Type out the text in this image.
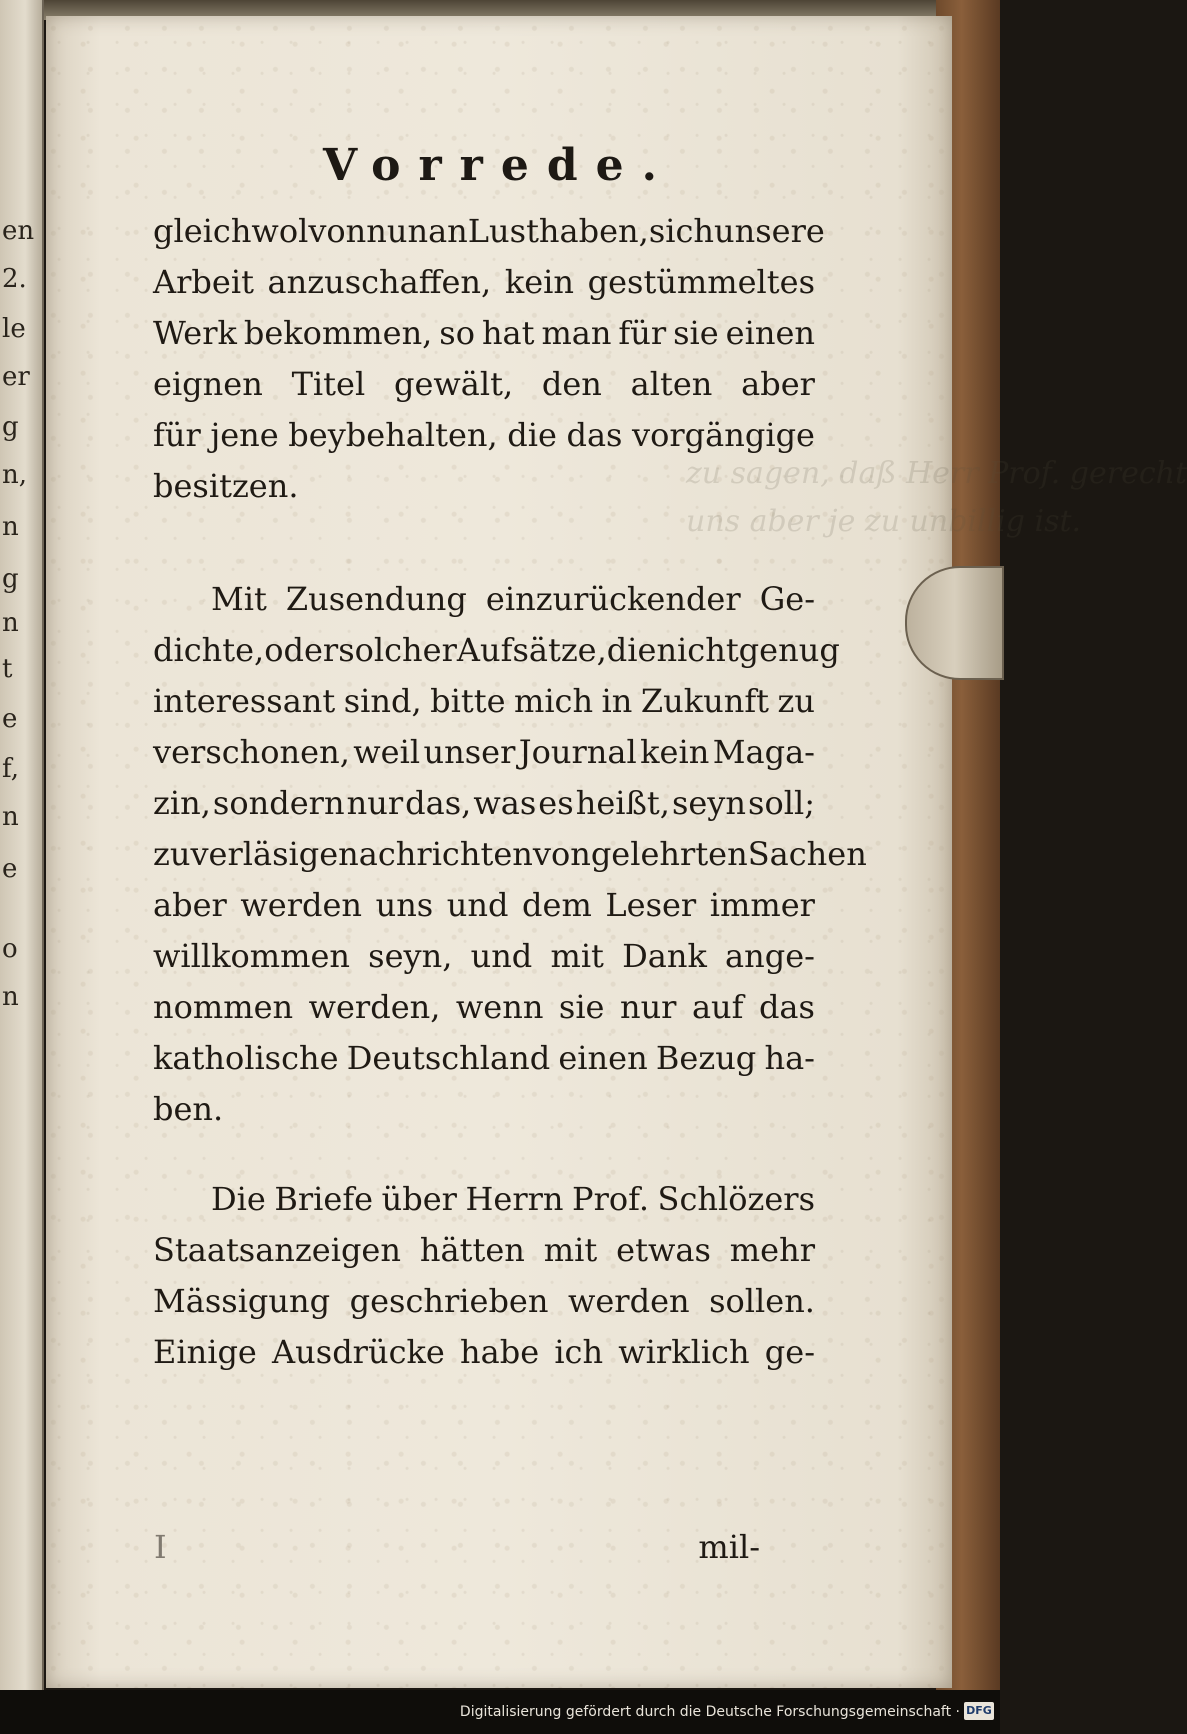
en
2.
le
er
g
n,
n
g
n
t
e
f,
n
e
o
n
zu sagen, daß Herr Prof. gerecht
uns aber je zu unbillig ist.
Vorrede.
gleichwol von nun an Lust haben, sich unsere
Arbeit anzuschaffen, kein gestümmeltes
Werk bekommen, so hat man für sie einen
eignen Titel gewält, den alten aber
für jene beybehalten, die das vorgängige
besitzen.
Mit Zusendung einzurückender Ge-
dichte, oder solcher Aufsätze, die nicht genug
interessant sind, bitte mich in Zukunft zu
verschonen, weil unser Journal kein Maga-
zin, sondern nur das, was es heißt, seyn soll;
zuverläsige nachrichten von gelehrten Sachen
aber werden uns und dem Leser immer
willkommen seyn, und mit Dank ange-
nommen werden, wenn sie nur auf das
katholische Deutschland einen Bezug ha-
ben.
Die Briefe über Herrn Prof. Schlözers
Staatsanzeigen hätten mit etwas mehr
Mässigung geschrieben werden sollen.
Einige Ausdrücke habe ich wirklich ge-
I	mil-
Digitalisierung gefördert durch die Deutsche Forschungsgemeinschaft · DFG
